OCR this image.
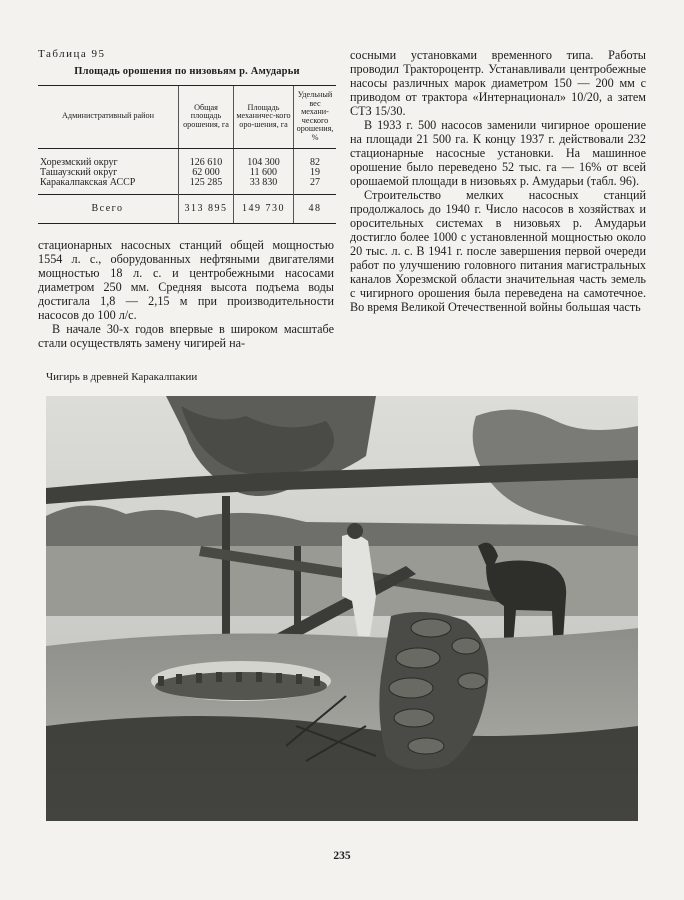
Таблица 95
Площадь орошения по низовьям р. Амударьи
Административный район	Общая площадь орошения, га	Площадь механичес-кого оро-шения, га	Удельный вес механи-ческого орошения, %
Хорезмский округ	126 610	104 300	82
Ташаузский округ	62 000	11 600	19
Каракалпакская АССР	125 285	33 830	27
Всего	313 895	149 730	48

стационарных насосных станций общей мощностью 1554 л. с., оборудованных нефтяными двигателями мощностью 18 л. с. и центробежными насосами диаметром 250 мм. Средняя высота подъема воды достигала 1,8 — 2,15 м при производительности насосов до 100 л/с.

В начале 30-х годов впервые в широком масштабе стали осуществлять замену чигирей на-

сосными установками временного типа. Работы проводил Трактороцентр. Устанавливали центробежные насосы различных марок диаметром 150 — 200 мм с приводом от трактора «Интернационал» 10/20, а затем СТЗ 15/30.

В 1933 г. 500 насосов заменили чигирное орошение на площади 21 500 га. К концу 1937 г. действовали 232 стационарные насосные установки. На машинное орошение было переведено 52 тыс. га — 16% от всей орошаемой площади в низовьях р. Амударьи (табл. 96).

Строительство мелких насосных станций продолжалось до 1940 г. Число насосов в хозяйствах и оросительных системах в низовьях р. Амударьи достигло более 1000 с установленной мощностью около 20 тыс. л. с. В 1941 г. после завершения первой очереди работ по улучшению головного питания магистральных каналов Хорезмской области значительная часть земель с чигирного орошения была переведена на самотечное. Во время Великой Отечественной войны большая часть

Чигирь в древней Каракалпакии
235
